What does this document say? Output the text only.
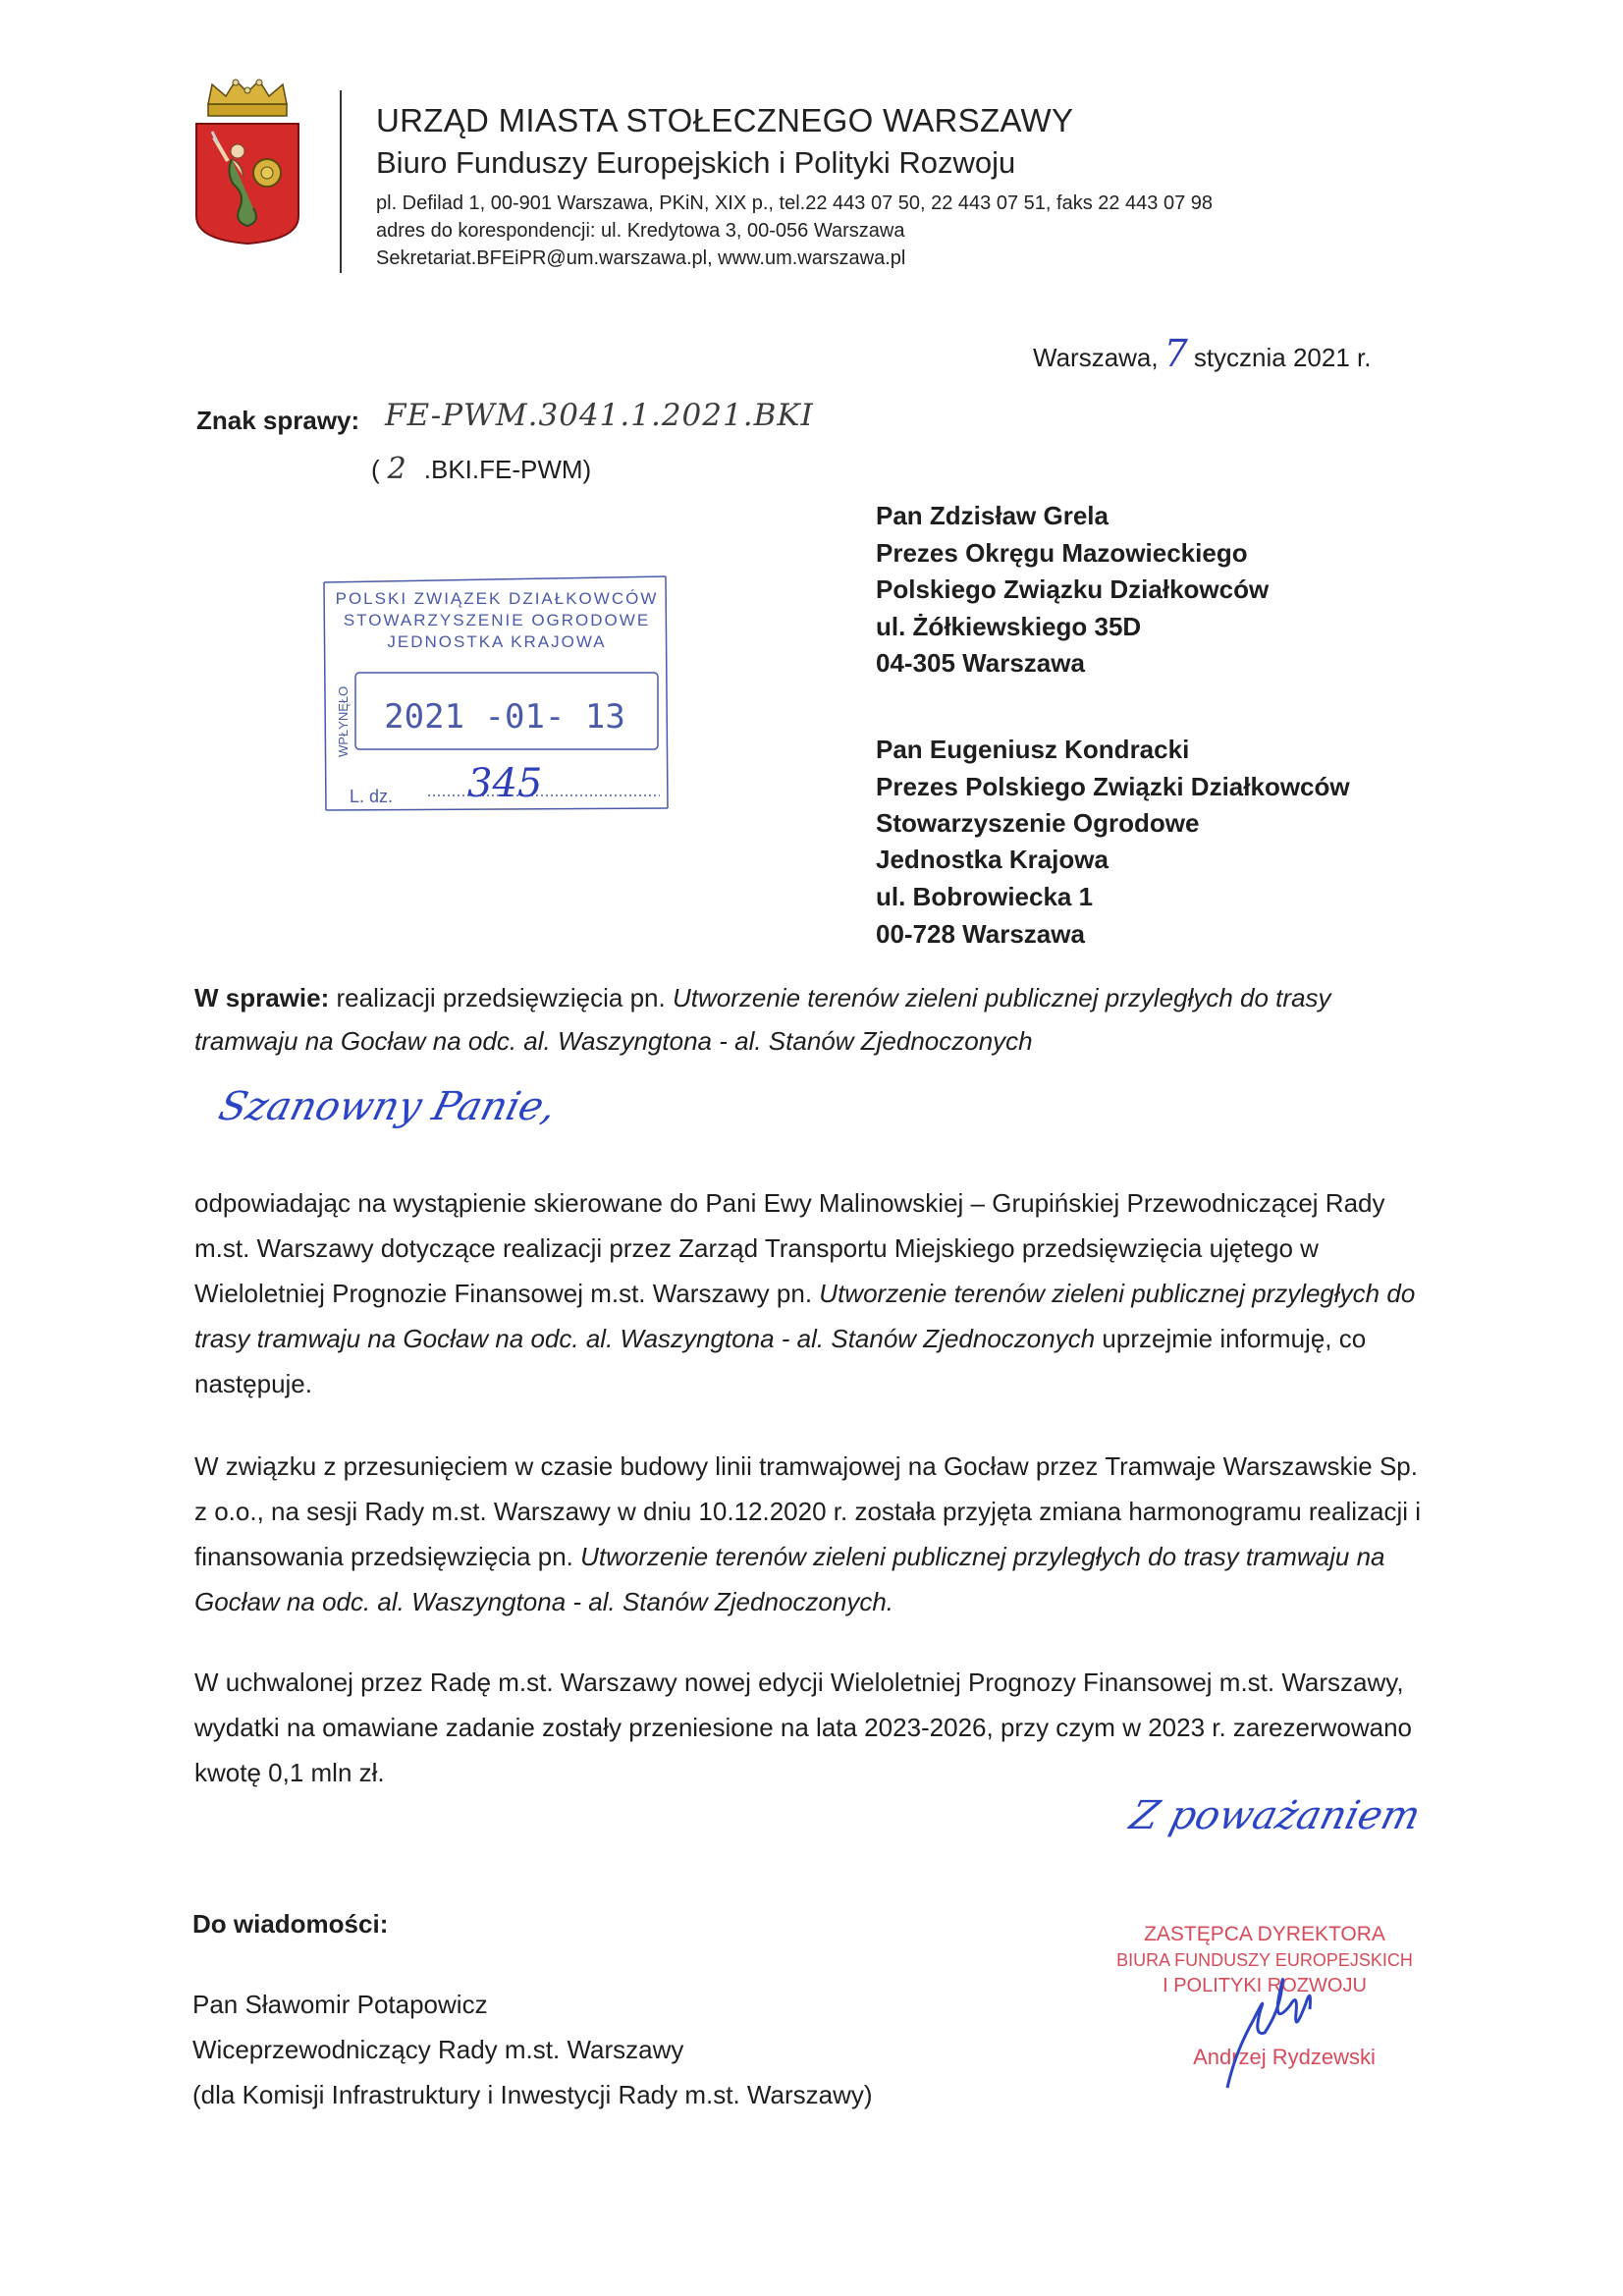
URZĄD MIASTA STOŁECZNEGO WARSZAWY
Biuro Funduszy Europejskich i Polityki Rozwoju
pl. Defilad 1, 00-901 Warszawa, PKiN, XIX p., tel.22 443 07 50, 22 443 07 51, faks 22 443 07 98
adres do korespondencji: ul. Kredytowa 3, 00-056 Warszawa
Sekretariat.BFEiPR@um.warszawa.pl, www.um.warszawa.pl
Warszawa, 7 stycznia 2021 r.
Znak sprawy: FE-PWM.3041.1.2021.BKI
( 2 .BKI.FE-PWM)
Pan Zdzisław Grela
Prezes Okręgu Mazowieckiego
Polskiego Związku Działkowców
ul. Żółkiewskiego 35D
04-305 Warszawa
Pan Eugeniusz Kondracki
Prezes Polskiego Związki Działkowców
Stowarzyszenie Ogrodowe
Jednostka Krajowa
ul. Bobrowiecka 1
00-728 Warszawa
POLSKI ZWIĄZEK DZIAŁKOWCÓW
STOWARZYSZENIE OGRODOWE
JEDNOSTKA KRAJOWA
WPŁYNĘŁO 2021 -01- 13
L. dz. 345
W sprawie: realizacji przedsięwzięcia pn. Utworzenie terenów zieleni publicznej przyległych do trasy tramwaju na Gocław na odc. al. Waszyngtona - al. Stanów Zjednoczonych
Szanowny Panie,
odpowiadając na wystąpienie skierowane do Pani Ewy Malinowskiej – Grupińskiej Przewodniczącej Rady m.st. Warszawy dotyczące realizacji przez Zarząd Transportu Miejskiego przedsięwzięcia ujętego w Wieloletniej Prognozie Finansowej m.st. Warszawy pn. Utworzenie terenów zieleni publicznej przyległych do trasy tramwaju na Gocław na odc. al. Waszyngtona - al. Stanów Zjednoczonych uprzejmie informuję, co następuje.
W związku z przesunięciem w czasie budowy linii tramwajowej na Gocław przez Tramwaje Warszawskie Sp. z o.o., na sesji Rady m.st. Warszawy w dniu 10.12.2020 r. została przyjęta zmiana harmonogramu realizacji i finansowania przedsięwzięcia pn. Utworzenie terenów zieleni publicznej przyległych do trasy tramwaju na Gocław na odc. al. Waszyngtona - al. Stanów Zjednoczonych.
W uchwalonej przez Radę m.st. Warszawy nowej edycji Wieloletniej Prognozy Finansowej m.st. Warszawy, wydatki na omawiane zadanie zostały przeniesione na lata 2023-2026, przy czym w 2023 r. zarezerwowano kwotę 0,1 mln zł.
Z poważaniem
ZASTĘPCA DYREKTORA
BIURA FUNDUSZY EUROPEJSKICH
I POLITYKI ROZWOJU
Andrzej Rydzewski
Do wiadomości:
Pan Sławomir Potapowicz
Wiceprzewodniczący Rady m.st. Warszawy
(dla Komisji Infrastruktury i Inwestycji Rady m.st. Warszawy)
